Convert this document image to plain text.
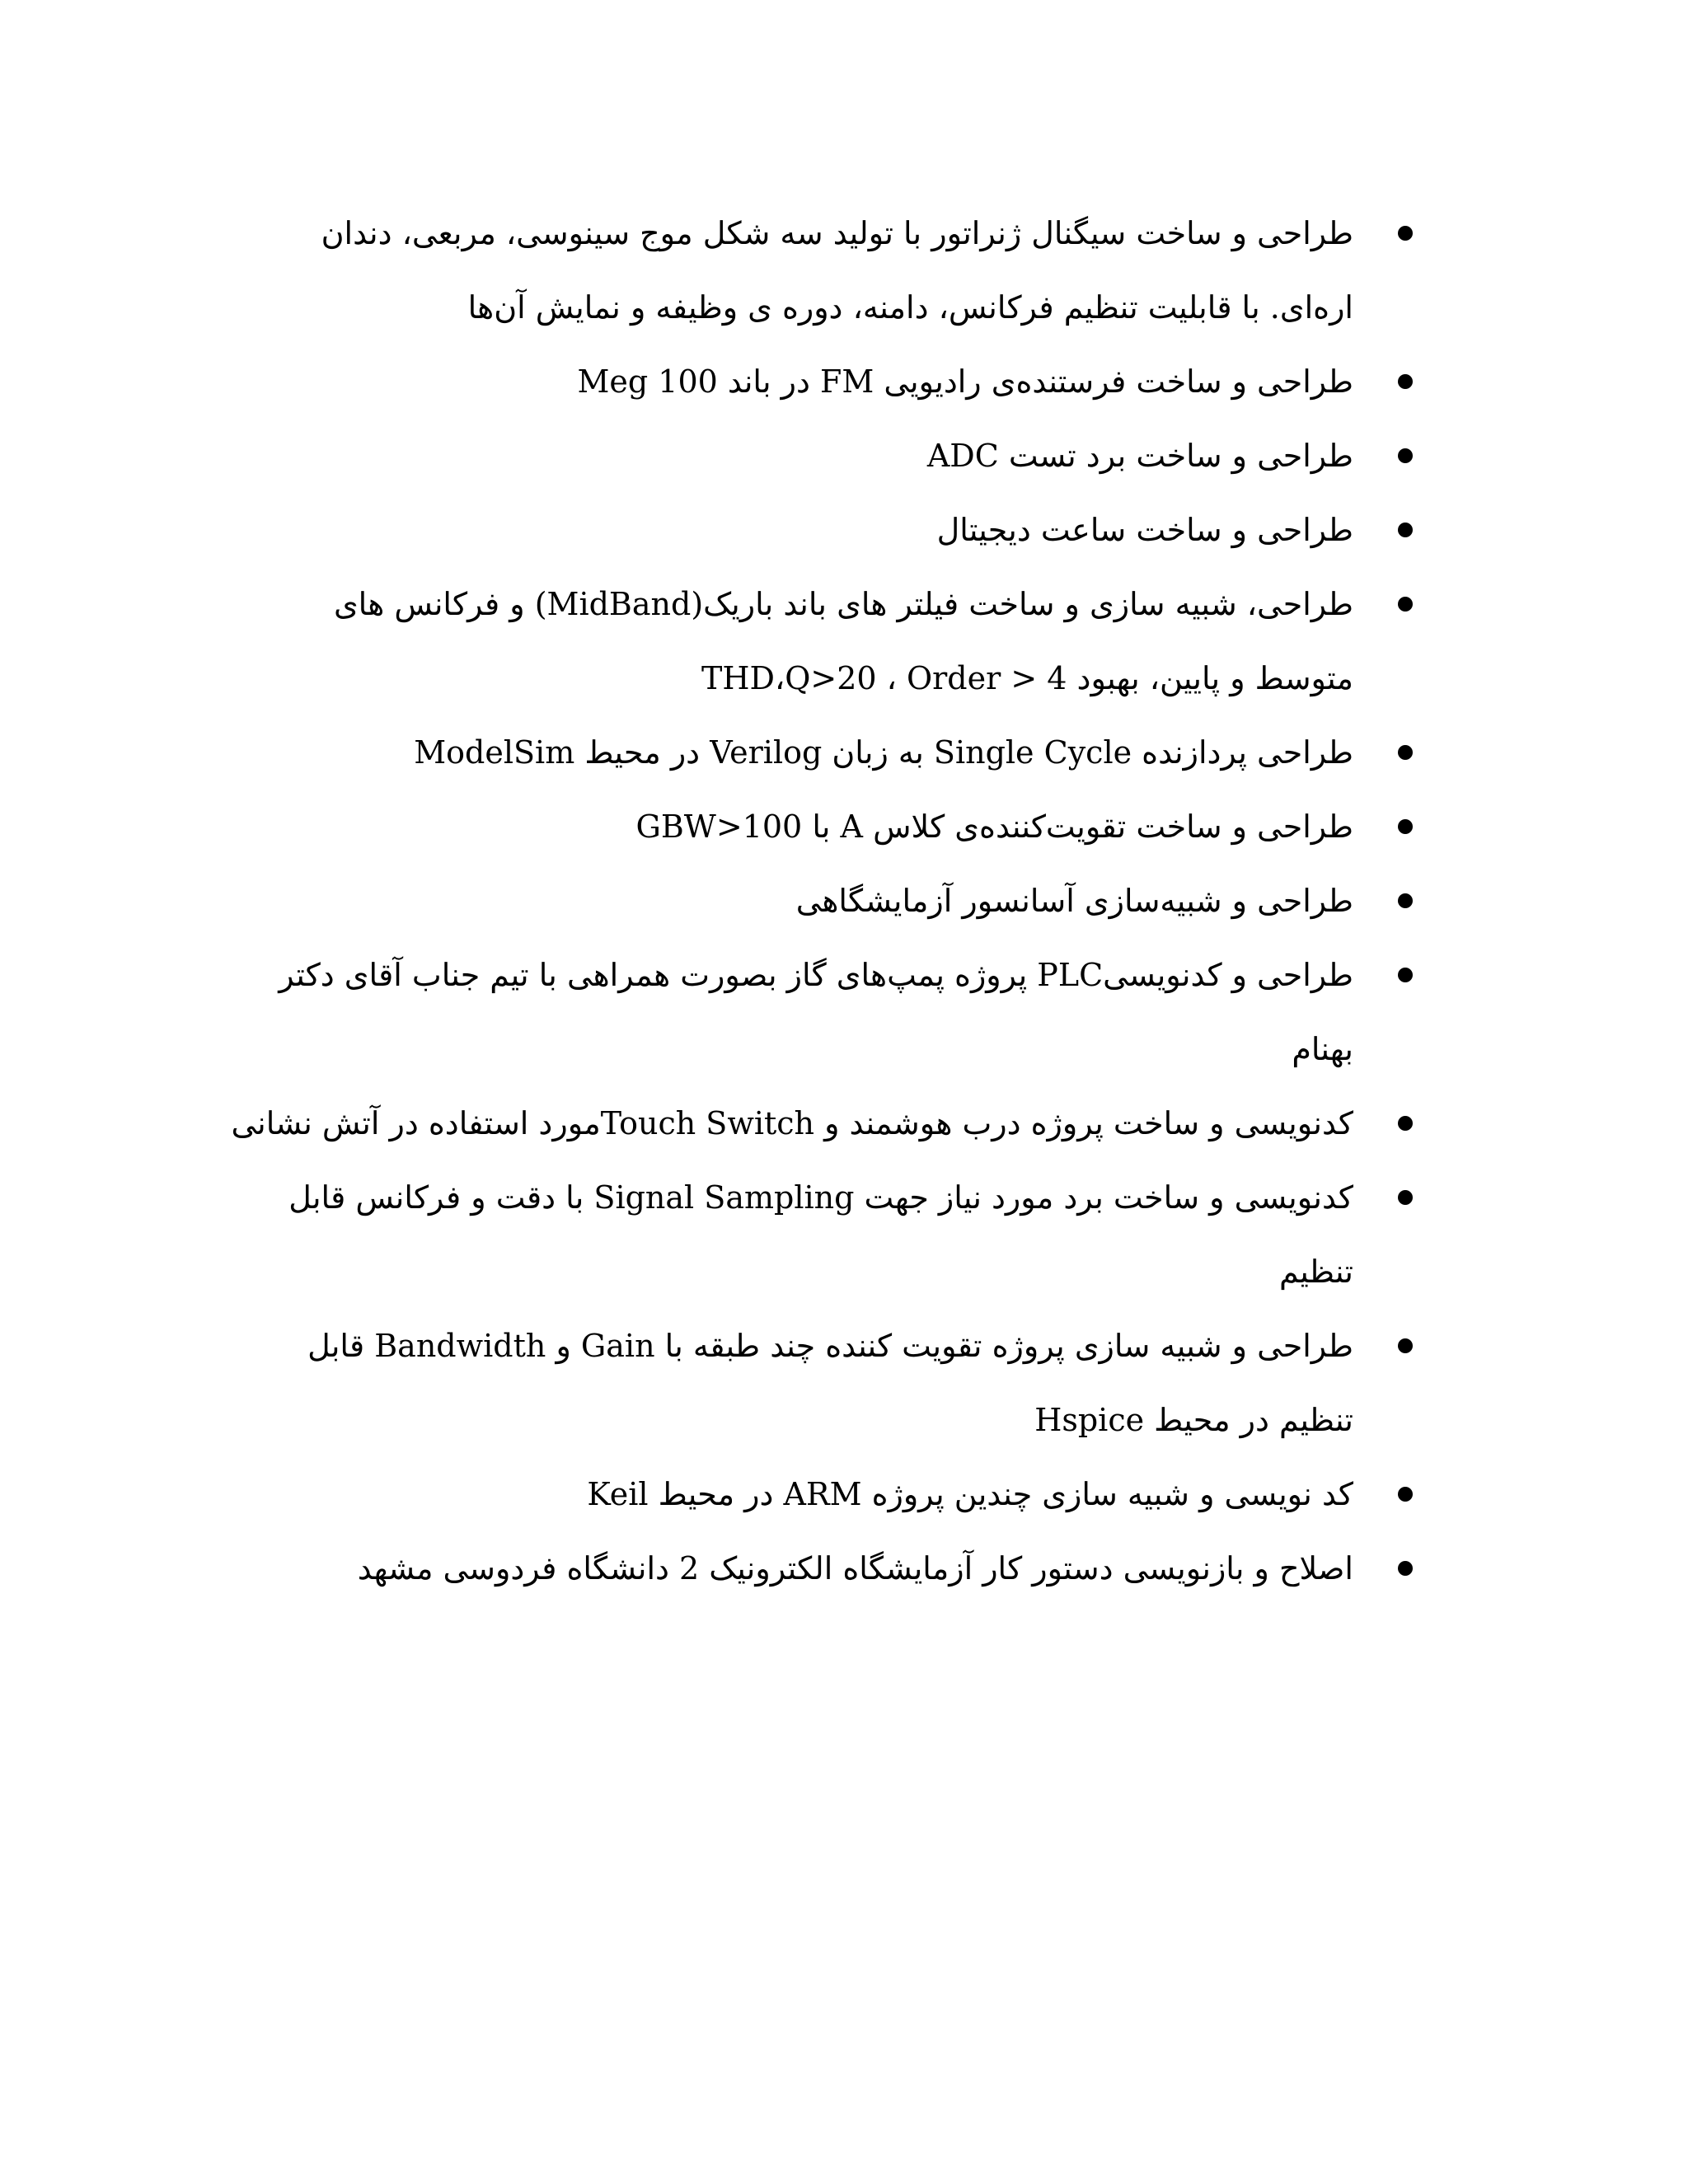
طراحی و ساخت سیگنال ژنراتور با تولید سه شکل موج سینوسی، مربعی، دندان اره‌ای. با قابلیت تنظیم فرکانس، دامنه، دوره ی وظیفه و نمایش آن‌ها
طراحی و ساخت فرستنده‌ی رادیویی FM در باند 100 Meg
طراحی و ساخت برد تست ADC
طراحی و ساخت ساعت دیجیتال
طراحی، شبیه سازی و ساخت فیلتر های باند باریک(MidBand) و فرکانس های متوسط و پایین، بهبود THD،Q>20 ، Order > 4
طراحی پردازنده Single Cycle به زبان Verilog در محیط ModelSim
طراحی و ساخت تقویت‌کننده‌ی کلاس A با GBW>100
طراحی و شبیه‌سازی آسانسور آزمایشگاهی
طراحی و کدنویسیPLC پروژه پمپ‌های گاز بصورت همراهی با تیم جناب آقای دکتر بهنام
کدنویسی و ساخت پروژه درب هوشمند و Touch Switchمورد استفاده در آتش نشانی
کدنویسی و ساخت برد مورد نیاز جهت Signal Sampling با دقت و فرکانس قابل تنظیم
طراحی و شبیه سازی پروژه تقویت کننده چند طبقه با Gain و Bandwidth قابل تنظیم در محیط Hspice
کد نویسی و شبیه سازی چندین پروژه ARM در محیط Keil
اصلاح و بازنویسی دستور کار آزمایشگاه الکترونیک 2 دانشگاه فردوسی مشهد
